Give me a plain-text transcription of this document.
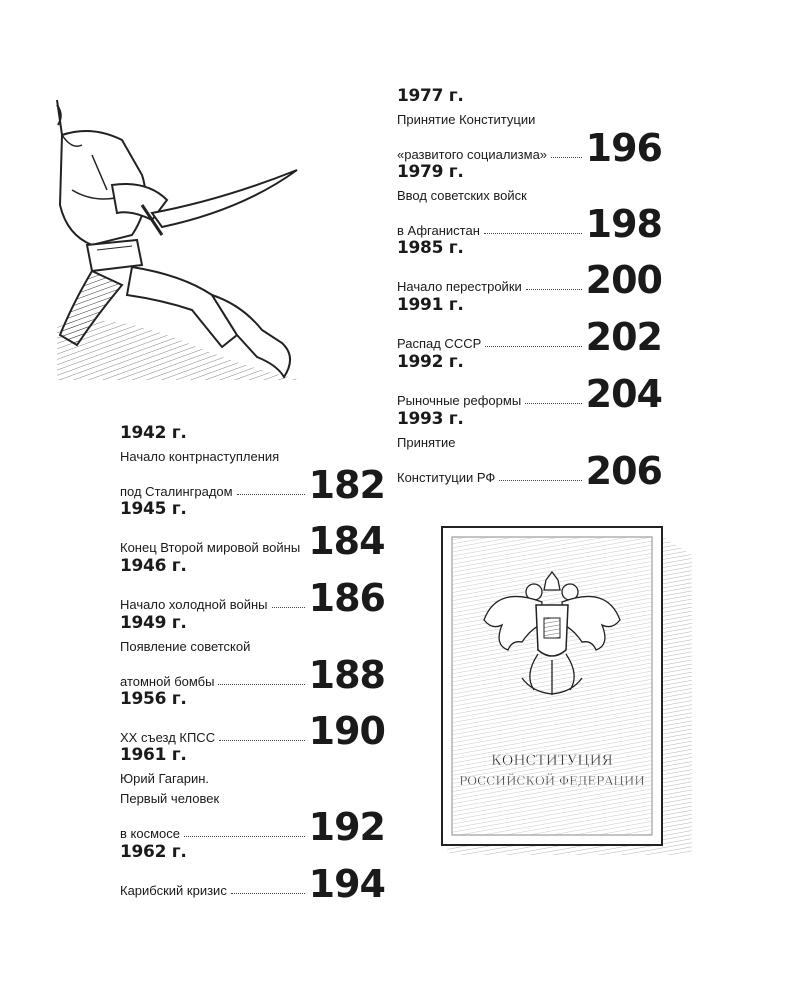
1977 г.
Принятие Конституции
«развитого социализма» 196
1979 г.
Ввод советских войск
в Афганистан	198
1985 г.
Начало перестройки 200
1991 г.
Распад СССР	202
1992 г.
Рыночные реформы 204
1993 г.
Принятие
Конституции РФ 206
1942 г.
Начало контрнаступления
под Сталинградом 182
1945 г.
Конец Второй мировой войны 184
1946 г.
Начало холодной войны 186
1949 г.
Появление советской
атомной бомбы 188
1956 г.
XX съезд КПСС 190
1961 г.
Юрий Гагарин.
Первый человек
в космосе	192
1962 г.
Карибский кризис 194
КОНСТИТУЦИЯ
РОССИЙСКОЙ ФЕДЕРАЦИИ
